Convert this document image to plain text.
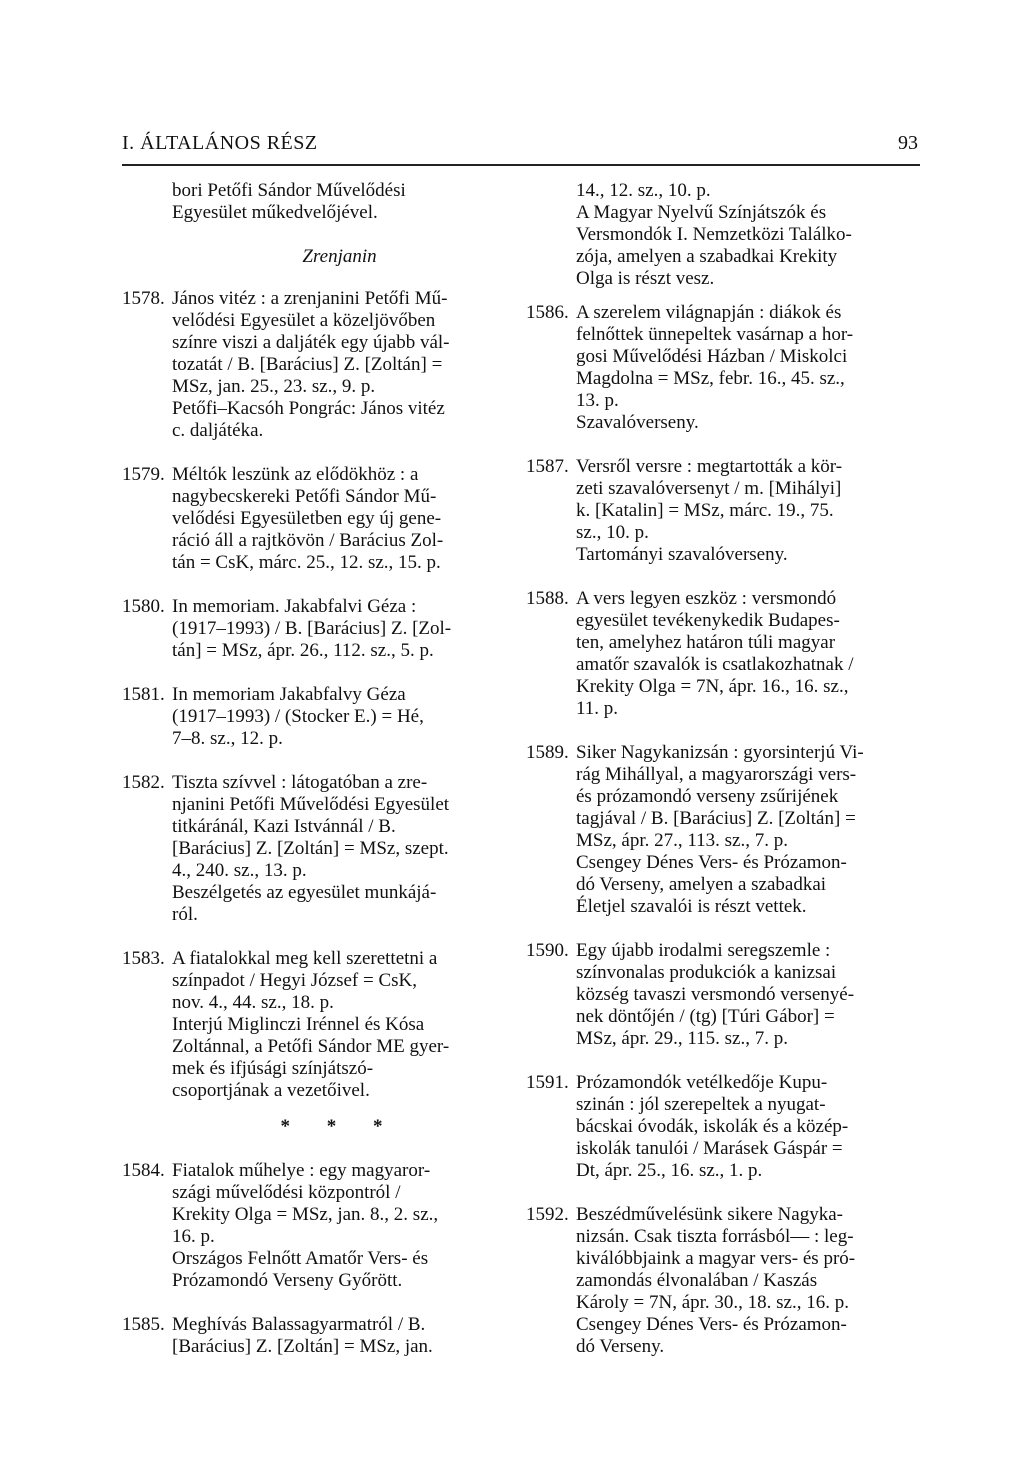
I. ÁLTALÁNOS RÉSZ	93
bori Petőfi Sándor Művelődési
Egyesület műkedvelőjével.
Zrenjanin
1578. János vitéz : a zrenjanini Petőfi Mű-
velődési Egyesület a közeljövőben
színre viszi a daljáték egy újabb vál-
tozatát / B. [Barácius] Z. [Zoltán] =
MSz, jan. 25., 23. sz., 9. p.
Petőfi–Kacsóh Pongrác: János vitéz
c. daljátéka.
1579. Méltók leszünk az elődökhöz : a
nagybecskereki Petőfi Sándor Mű-
velődési Egyesületben egy új gene-
ráció áll a rajtkövön / Barácius Zol-
tán = CsK, márc. 25., 12. sz., 15. p.
1580. In memoriam. Jakabfalvi Géza :
(1917–1993) / B. [Barácius] Z. [Zol-
tán] = MSz, ápr. 26., 112. sz., 5. p.
1581. In memoriam Jakabfalvy Géza
(1917–1993) / (Stocker E.) = Hé,
7–8. sz., 12. p.
1582. Tiszta szívvel : látogatóban a zre-
njanini Petőfi Művelődési Egyesület
titkáránál, Kazi Istvánnál / B.
[Barácius] Z. [Zoltán] = MSz, szept.
4., 240. sz., 13. p.
Beszélgetés az egyesület munkájá-
ról.
1583. A fiatalokkal meg kell szerettetni a
színpadot / Hegyi József = CsK,
nov. 4., 44. sz., 18. p.
Interjú Miglinczi Irénnel és Kósa
Zoltánnal, a Petőfi Sándor ME gyer-
mek és ifjúsági színjátszó-
csoportjának a vezetőivel.
* * *
1584. Fiatalok műhelye : egy magyaror-
szági művelődési központról /
Krekity Olga = MSz, jan. 8., 2. sz.,
16. p.
Országos Felnőtt Amatőr Vers- és
Prózamondó Verseny Győrött.
1585. Meghívás Balassagyarmatról / B.
[Barácius] Z. [Zoltán] = MSz, jan.
14., 12. sz., 10. p.
A Magyar Nyelvű Színjátszók és
Versmondók I. Nemzetközi Találko-
zója, amelyen a szabadkai Krekity
Olga is részt vesz.
1586. A szerelem világnapján : diákok és
felnőttek ünnepeltek vasárnap a hor-
gosi Művelődési Házban / Miskolci
Magdolna = MSz, febr. 16., 45. sz.,
13. p.
Szavalóverseny.
1587. Versről versre : megtartották a kör-
zeti szavalóversenyt / m. [Mihályi]
k. [Katalin] = MSz, márc. 19., 75.
sz., 10. p.
Tartományi szavalóverseny.
1588. A vers legyen eszköz : versmondó
egyesület tevékenykedik Budapes-
ten, amelyhez határon túli magyar
amatőr szavalók is csatlakozhatnak /
Krekity Olga = 7N, ápr. 16., 16. sz.,
11. p.
1589. Siker Nagykanizsán : gyorsinterjú Vi-
rág Mihállyal, a magyarországi vers-
és prózamondó verseny zsűrijének
tagjával / B. [Barácius] Z. [Zoltán] =
MSz, ápr. 27., 113. sz., 7. p.
Csengey Dénes Vers- és Prózamon-
dó Verseny, amelyen a szabadkai
Életjel szavalói is részt vettek.
1590. Egy újabb irodalmi seregszemle :
színvonalas produkciók a kanizsai
község tavaszi versmondó versenyé-
nek döntőjén / (tg) [Túri Gábor] =
MSz, ápr. 29., 115. sz., 7. p.
1591. Prózamondók vetélkedője Kupu-
szinán : jól szerepeltek a nyugat-
bácskai óvodák, iskolák és a közép-
iskolák tanulói / Marásek Gáspár =
Dt, ápr. 25., 16. sz., 1. p.
1592. Beszédművelésünk sikere Nagyka-
nizsán. Csak tiszta forrásból— : leg-
kiválóbbjaink a magyar vers- és pró-
zamondás élvonalában / Kaszás
Károly = 7N, ápr. 30., 18. sz., 16. p.
Csengey Dénes Vers- és Prózamon-
dó Verseny.
